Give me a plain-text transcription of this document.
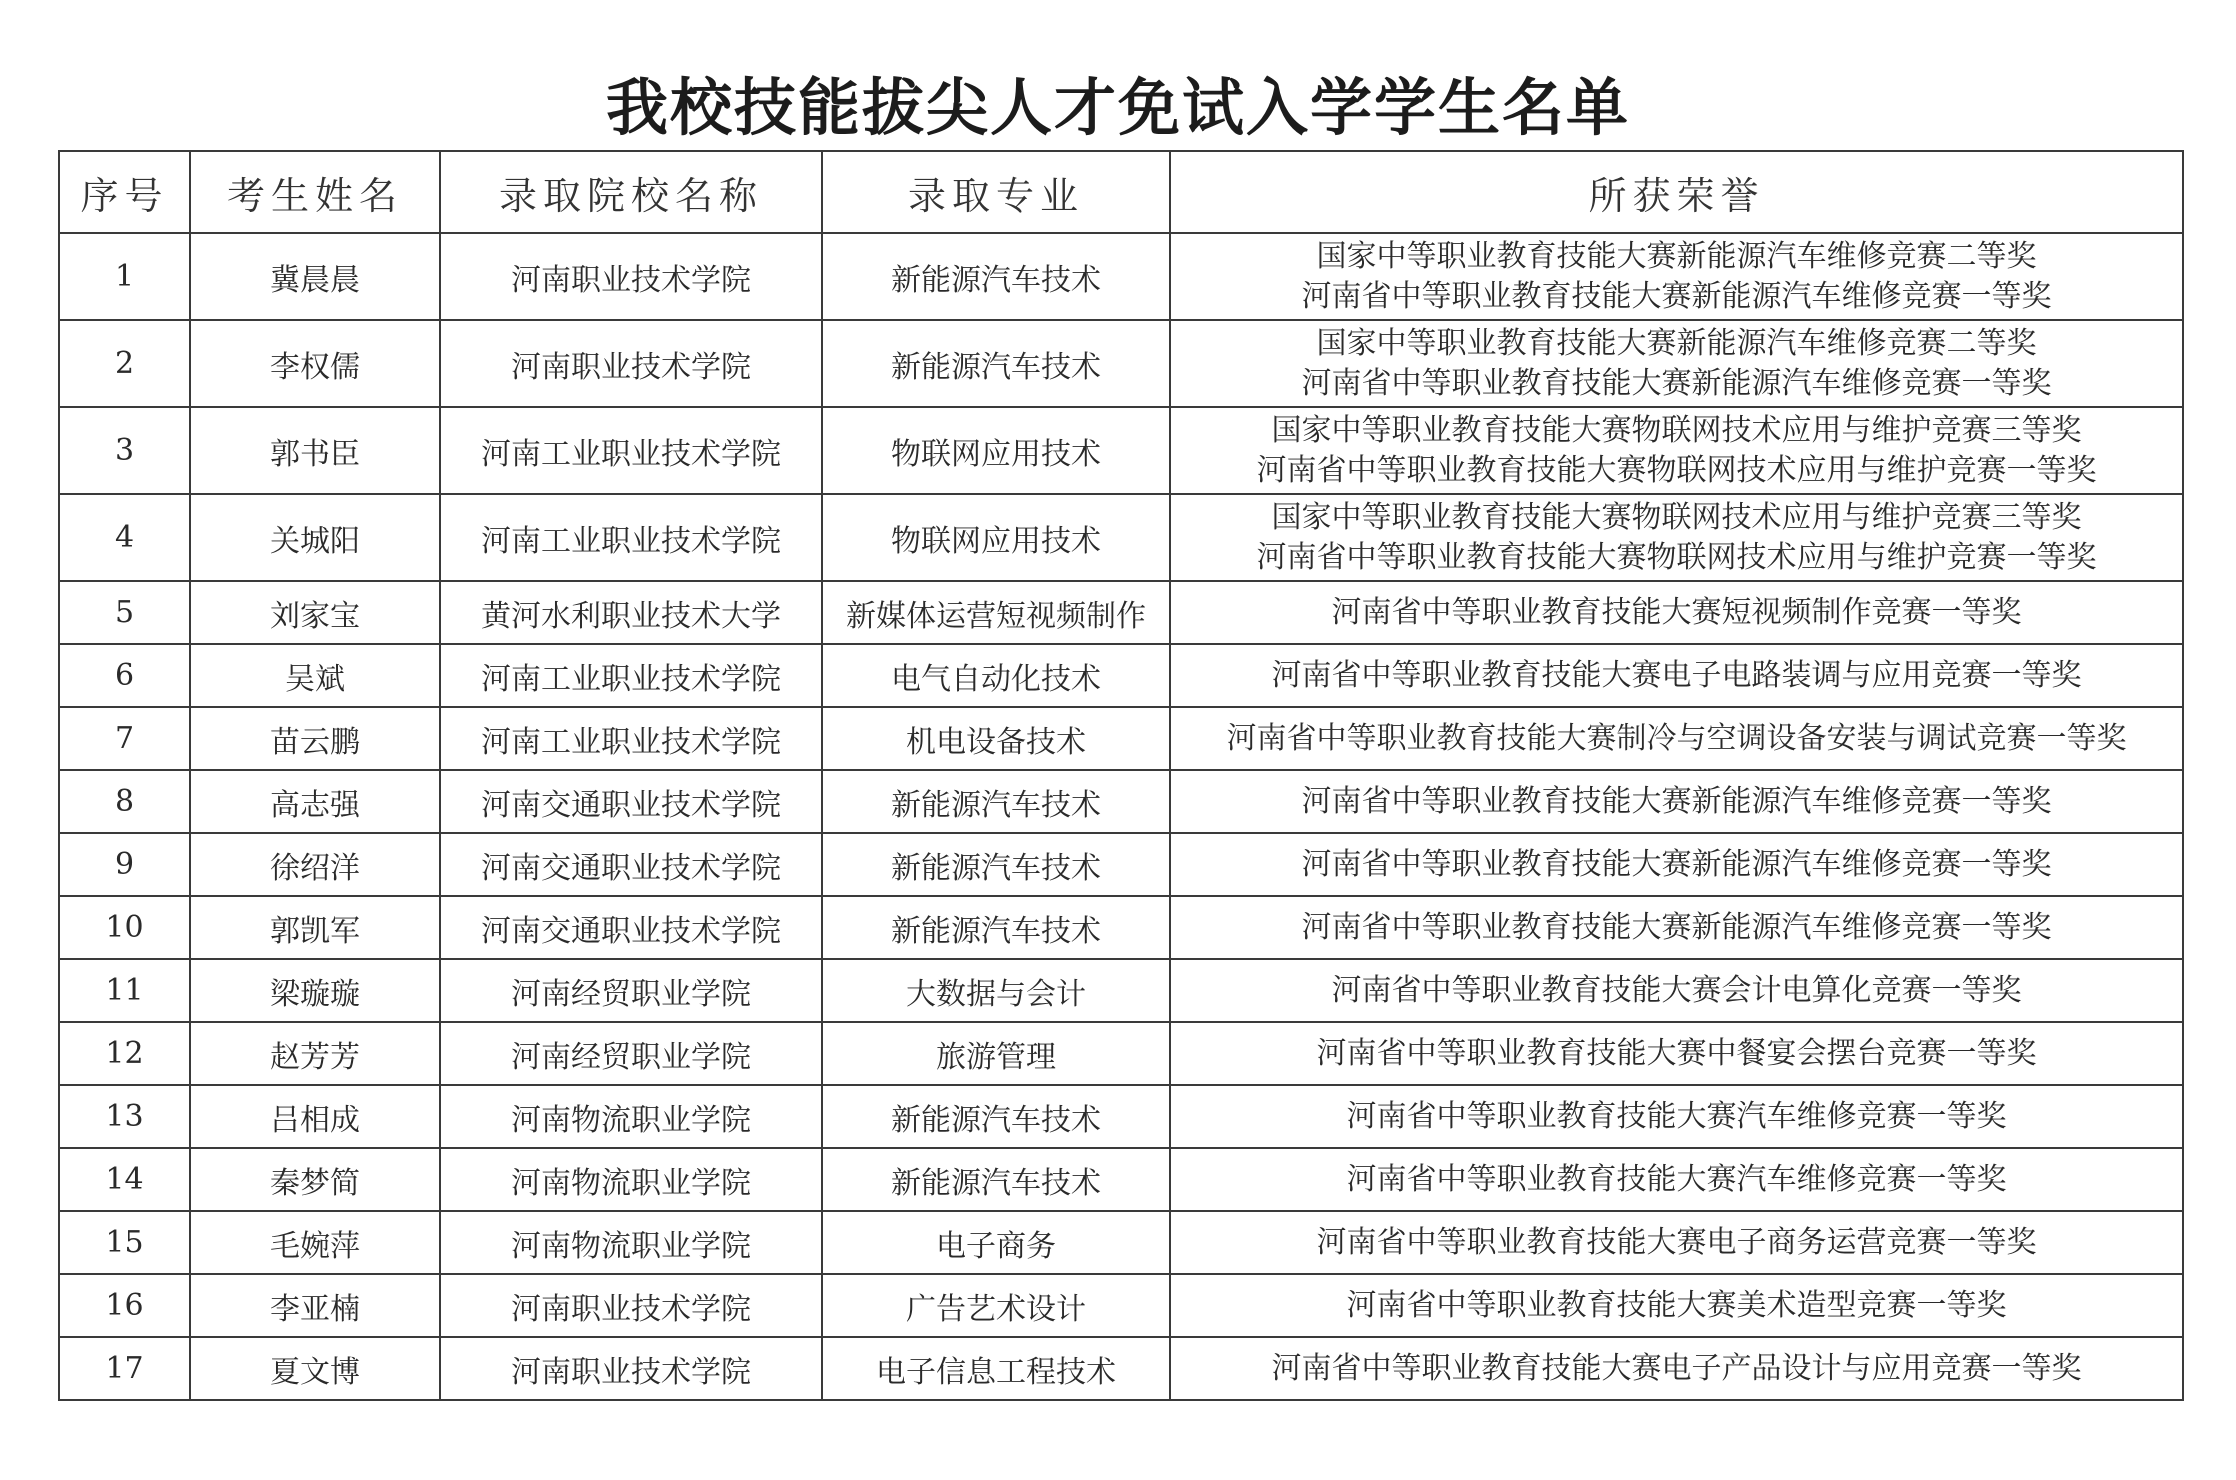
我校技能拔尖人才免试入学学生名单
序号	考生姓名	录取院校名称	录取专业	所获荣誉
1	冀晨晨	河南职业技术学院	新能源汽车技术	国家中等职业教育技能大赛新能源汽车维修竞赛二等奖
河南省中等职业教育技能大赛新能源汽车维修竞赛一等奖

2	李权儒	河南职业技术学院	新能源汽车技术	国家中等职业教育技能大赛新能源汽车维修竞赛二等奖
河南省中等职业教育技能大赛新能源汽车维修竞赛一等奖

3	郭书臣	河南工业职业技术学院	物联网应用技术	国家中等职业教育技能大赛物联网技术应用与维护竞赛三等奖
河南省中等职业教育技能大赛物联网技术应用与维护竞赛一等奖

4	关城阳	河南工业职业技术学院	物联网应用技术	国家中等职业教育技能大赛物联网技术应用与维护竞赛三等奖
河南省中等职业教育技能大赛物联网技术应用与维护竞赛一等奖

5	刘家宝	黄河水利职业技术大学	新媒体运营短视频制作	河南省中等职业教育技能大赛短视频制作竞赛一等奖

6	吴斌	河南工业职业技术学院	电气自动化技术	河南省中等职业教育技能大赛电子电路装调与应用竞赛一等奖

7	苗云鹏	河南工业职业技术学院	机电设备技术	河南省中等职业教育技能大赛制冷与空调设备安装与调试竞赛一等奖

8	高志强	河南交通职业技术学院	新能源汽车技术	河南省中等职业教育技能大赛新能源汽车维修竞赛一等奖

9	徐绍洋	河南交通职业技术学院	新能源汽车技术	河南省中等职业教育技能大赛新能源汽车维修竞赛一等奖

10	郭凯军	河南交通职业技术学院	新能源汽车技术	河南省中等职业教育技能大赛新能源汽车维修竞赛一等奖

11	梁璇璇	河南经贸职业学院	大数据与会计	河南省中等职业教育技能大赛会计电算化竞赛一等奖

12	赵芳芳	河南经贸职业学院	旅游管理	河南省中等职业教育技能大赛中餐宴会摆台竞赛一等奖

13	吕相成	河南物流职业学院	新能源汽车技术	河南省中等职业教育技能大赛汽车维修竞赛一等奖

14	秦梦简	河南物流职业学院	新能源汽车技术	河南省中等职业教育技能大赛汽车维修竞赛一等奖

15	毛婉萍	河南物流职业学院	电子商务	河南省中等职业教育技能大赛电子商务运营竞赛一等奖

16	李亚楠	河南职业技术学院	广告艺术设计	河南省中等职业教育技能大赛美术造型竞赛一等奖

17	夏文博	河南职业技术学院	电子信息工程技术	河南省中等职业教育技能大赛电子产品设计与应用竞赛一等奖
